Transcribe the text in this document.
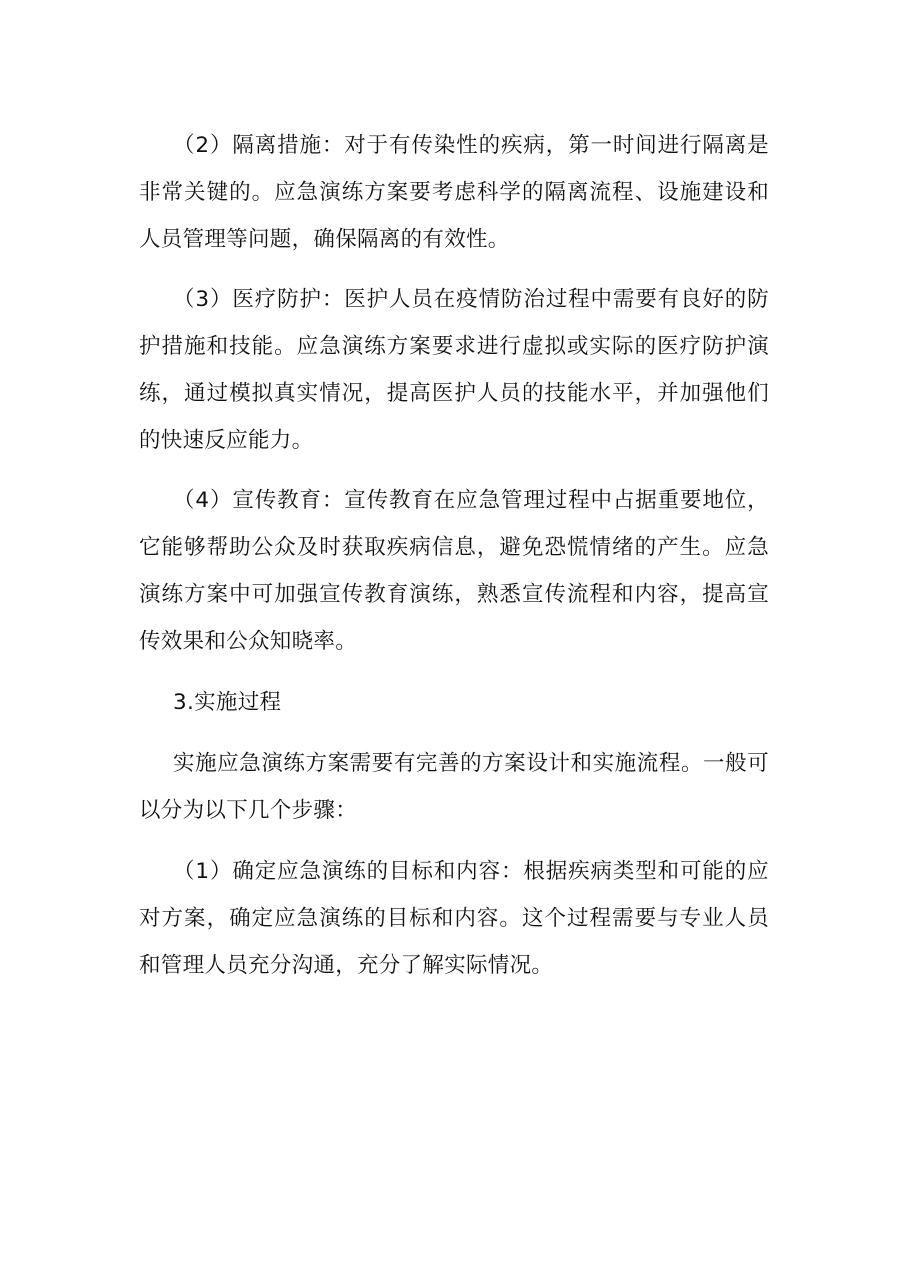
（2）隔离措施：对于有传染性的疾病，第一时间进行隔离是非常关键的。应急演练方案要考虑科学的隔离流程、设施建设和人员管理等问题，确保隔离的有效性。

（3）医疗防护：医护人员在疫情防治过程中需要有良好的防护措施和技能。应急演练方案要求进行虚拟或实际的医疗防护演练，通过模拟真实情况，提高医护人员的技能水平，并加强他们的快速反应能力。

（4）宣传教育：宣传教育在应急管理过程中占据重要地位，它能够帮助公众及时获取疾病信息，避免恐慌情绪的产生。应急演练方案中可加强宣传教育演练，熟悉宣传流程和内容，提高宣传效果和公众知晓率。

3.实施过程

实施应急演练方案需要有完善的方案设计和实施流程。一般可以分为以下几个步骤：

（1）确定应急演练的目标和内容：根据疾病类型和可能的应对方案，确定应急演练的目标和内容。这个过程需要与专业人员和管理人员充分沟通，充分了解实际情况。
